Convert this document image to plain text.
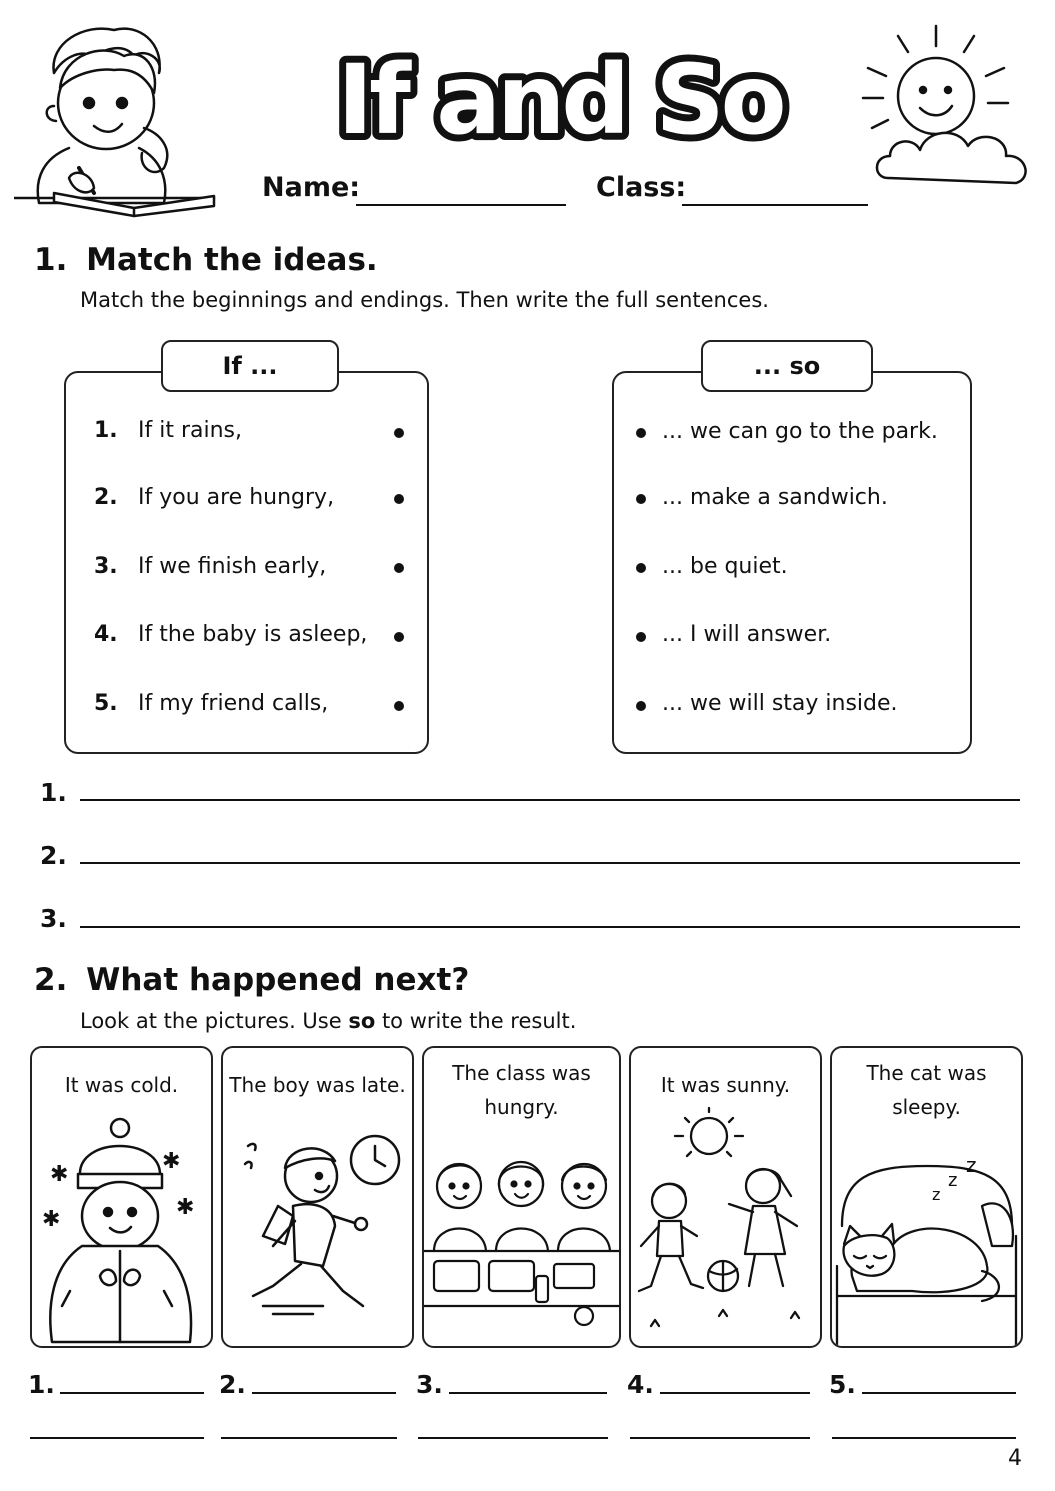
If and So
Name:	Class:
1. Match the ideas.
Match the beginnings and endings. Then write the full sentences.
If ...	... so
1. If it rains,
2. If you are hungry,
3. If we finish early,
4. If the baby is asleep,
5. If my friend calls,
... we can go to the park.
... make a sandwich.
... be quiet.
... I will answer.
... we will stay inside.
1.
2.
3.
2. What happened next?
Look at the pictures. Use so to write the result.
It was cold.
✱
✱
✱	✱
The boy was late.	The class was hungry.
It was sunny.	The cat was sleepy.
z
z
z
1.	2.	3.	4.	5.
4
